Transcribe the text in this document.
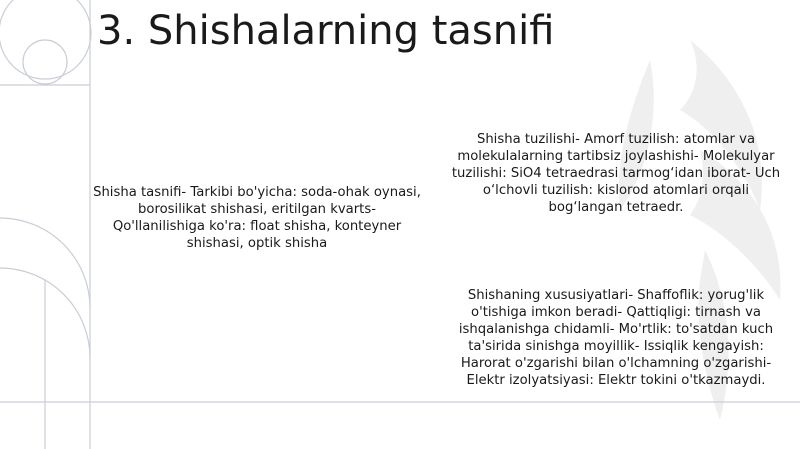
3. Shishalarning tasnifi

Shisha tasnifi- Tarkibi bo'yicha: soda-ohak oynasi, borosilikat shishasi, eritilgan kvarts- Qo'llanilishiga ko'ra: float shisha, konteyner shishasi, optik shisha

Shisha tuzilishi- Amorf tuzilish: atomlar va molekulalarning tartibsiz joylashishi- Molekulyar tuzilishi: SiO4 tetraedrasi tarmog‘idan iborat- Uch o‘lchovli tuzilish: kislorod atomlari orqali bog‘langan tetraedr.

Shishaning xususiyatlari- Shaffoflik: yorug'lik o'tishiga imkon beradi- Qattiqligi: tirnash va ishqalanishga chidamli- Mo'rtlik: to'satdan kuch ta'sirida sinishga moyillik- Issiqlik kengayish: Harorat o'zgarishi bilan o'lchamning o'zgarishi- Elektr izolyatsiyasi: Elektr tokini o'tkazmaydi.
